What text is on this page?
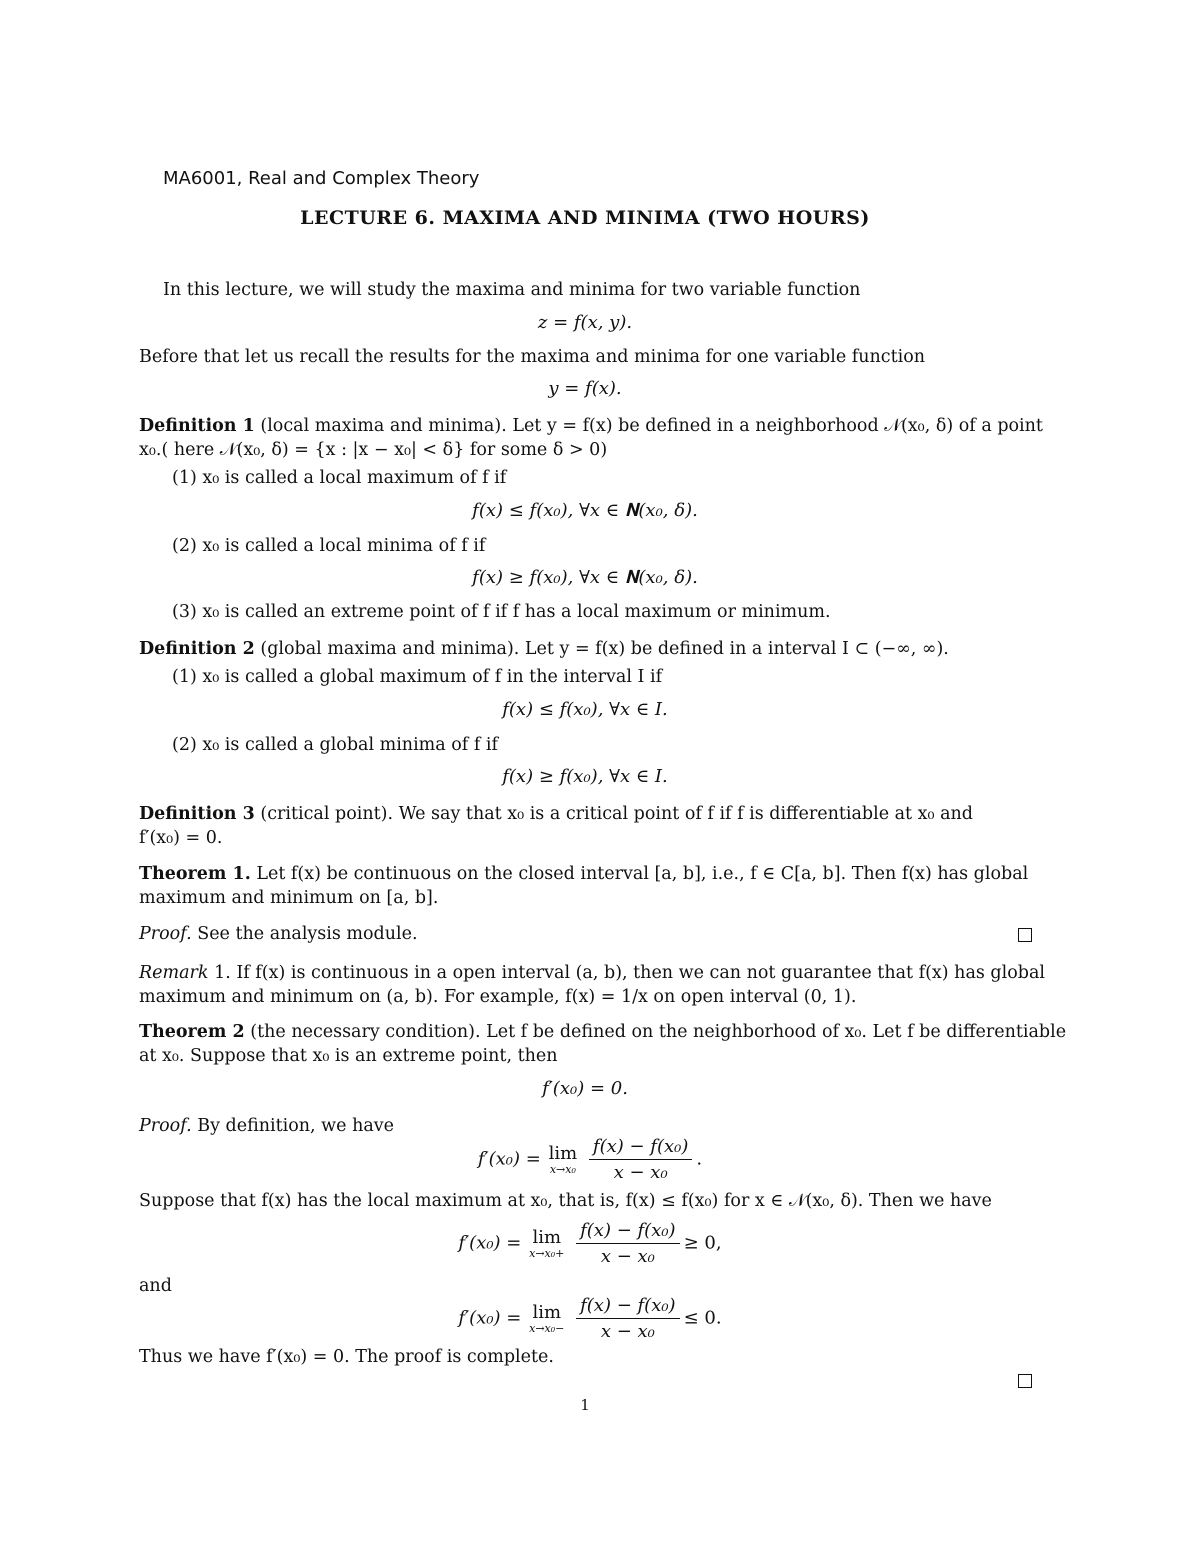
MA6001, Real and Complex Theory
LECTURE 6. MAXIMA AND MINIMA (TWO HOURS)
In this lecture, we will study the maxima and minima for two variable function
z = f(x, y).
Before that let us recall the results for the maxima and minima for one variable function
y = f(x).
Definition 1 (local maxima and minima). Let y = f(x) be defined in a neighborhood 𝒩(x₀, δ) of a point
x₀.( here 𝒩(x₀, δ) = {x : |x − x₀| < δ} for some δ > 0)
(1) x₀ is called a local maximum of f if
f(x) ≤ f(x₀), ∀x ∈ 𝐍(x₀, δ).
(2) x₀ is called a local minima of f if
f(x) ≥ f(x₀), ∀x ∈ 𝐍(x₀, δ).
(3) x₀ is called an extreme point of f if f has a local maximum or minimum.
Definition 2 (global maxima and minima). Let y = f(x) be defined in a interval I ⊂ (−∞, ∞).
(1) x₀ is called a global maximum of f in the interval I if
f(x) ≤ f(x₀), ∀x ∈ I.
(2) x₀ is called a global minima of f if
f(x) ≥ f(x₀), ∀x ∈ I.
Definition 3 (critical point). We say that x₀ is a critical point of f if f is differentiable at x₀ and
f′(x₀) = 0.
Theorem 1. Let f(x) be continuous on the closed interval [a, b], i.e., f ∈ C[a, b]. Then f(x) has global
maximum and minimum on [a, b].
Proof. See the analysis module.
Remark 1. If f(x) is continuous in a open interval (a, b), then we can not guarantee that f(x) has global
maximum and minimum on (a, b). For example, f(x) = 1/x on open interval (0, 1).
Theorem 2 (the necessary condition). Let f be defined on the neighborhood of x₀. Let f be differentiable
at x₀. Suppose that x₀ is an extreme point, then
f′(x₀) = 0.
Proof. By definition, we have
f′(x₀) = lim
x→x₀
$\frac{\text{f(x) − f(x₀)}}{\text{x − x₀}}$ .
Suppose that f(x) has the local maximum at x₀, that is, f(x) ≤ f(x₀) for x ∈ 𝒩(x₀, δ). Then we have
f′(x₀) = lim
x→x₀+
$\frac{\text{f(x) − f(x₀)}}{\text{x − x₀}} \ge 0$,
and
f′(x₀) = lim
x→x₀−
$\frac{\text{f(x) − f(x₀)}}{\text{x − x₀}} \le 0$.
Thus we have f′(x₀) = 0. The proof is complete.
1
